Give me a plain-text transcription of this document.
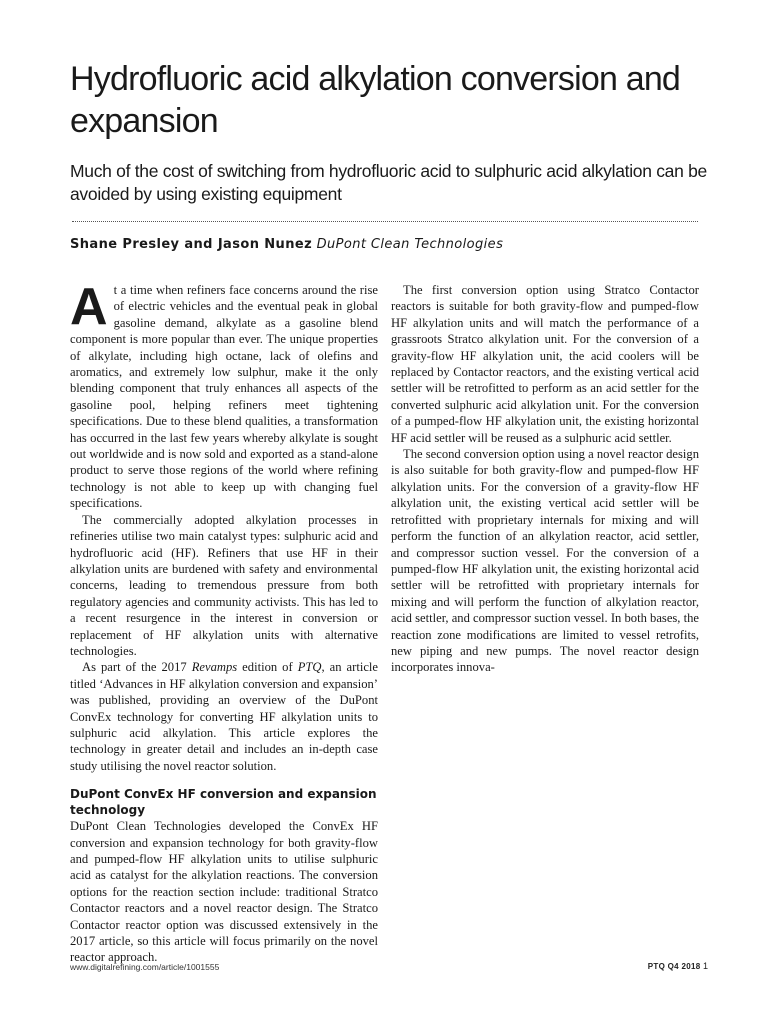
Hydrofluoric acid alkylation conversion and expansion

Much of the cost of switching from hydrofluoric acid to sulphuric acid alkylation can be avoided by using existing equipment

Shane Presley and Jason Nunez DuPont Clean Technologies

At a time when refiners face concerns around the rise of electric vehicles and the eventual peak in global gasoline demand, alkylate as a gasoline blend component is more popular than ever. The unique properties of alkylate, including high octane, lack of olefins and aromatics, and extremely low sulphur, make it the only blending component that truly enhances all aspects of the gasoline pool, helping refiners meet tightening specifications. Due to these blend qualities, a transformation has occurred in the last few years whereby alkylate is sought out worldwide and is now sold and exported as a stand-alone product to serve those regions of the world where refining technology is not able to keep up with changing fuel specifications.

The commercially adopted alkylation processes in refineries utilise two main catalyst types: sulphuric acid and hydrofluoric acid (HF). Refiners that use HF in their alkylation units are burdened with safety and environmental concerns, leading to tremendous pressure from both regulatory agencies and community activists. This has led to a recent resurgence in the interest in conversion or replacement of HF alkylation units with alternative technologies.

As part of the 2017 Revamps edition of PTQ, an article titled ‘Advances in HF alkylation conversion and expansion’ was published, providing an overview of the DuPont ConvEx technology for converting HF alkylation units to sulphuric acid alkylation. This article explores the technology in greater detail and includes an in-depth case study utilising the novel reactor solution.

DuPont ConvEx HF conversion and expansion technology

DuPont Clean Technologies developed the ConvEx HF conversion and expansion technology for both gravity-flow and pumped-flow HF alkylation units to utilise sulphuric acid as catalyst for the alkylation reactions. The conversion options for the reaction section include: traditional Stratco Contactor reactors and a novel reactor design. The Stratco Contactor reactor option was discussed extensively in the 2017 article, so this article will focus primarily on the novel reactor approach.

The first conversion option using Stratco Contactor reactors is suitable for both gravity-flow and pumped-flow HF alkylation units and will match the performance of a grassroots Stratco alkylation unit. For the conversion of a gravity-flow HF alkylation unit, the acid coolers will be replaced by Contactor reactors, and the existing vertical acid settler will be retrofitted to perform as an acid settler for the converted sulphuric acid alkylation unit. For the conversion of a pumped-flow HF alkylation unit, the existing horizontal HF acid settler will be reused as a sulphuric acid settler.

The second conversion option using a novel reactor design is also suitable for both gravity-flow and pumped-flow HF alkylation units. For the conversion of a gravity-flow HF alkylation unit, the existing vertical acid settler will be retrofitted with proprietary internals for mixing and will perform the function of an alkylation reactor, acid settler, and compressor suction vessel. For the conversion of a pumped-flow HF alkylation unit, the existing horizontal acid settler will be retrofitted with proprietary internals for mixing and will perform the function of alkylation reactor, acid settler, and compressor suction vessel. In both bases, the reaction zone modifications are limited to vessel retrofits, new piping and new pumps. The novel reactor design incorporates innova-

www.digitalrefining.com/article/1001555	PTQ Q4 2018 1
